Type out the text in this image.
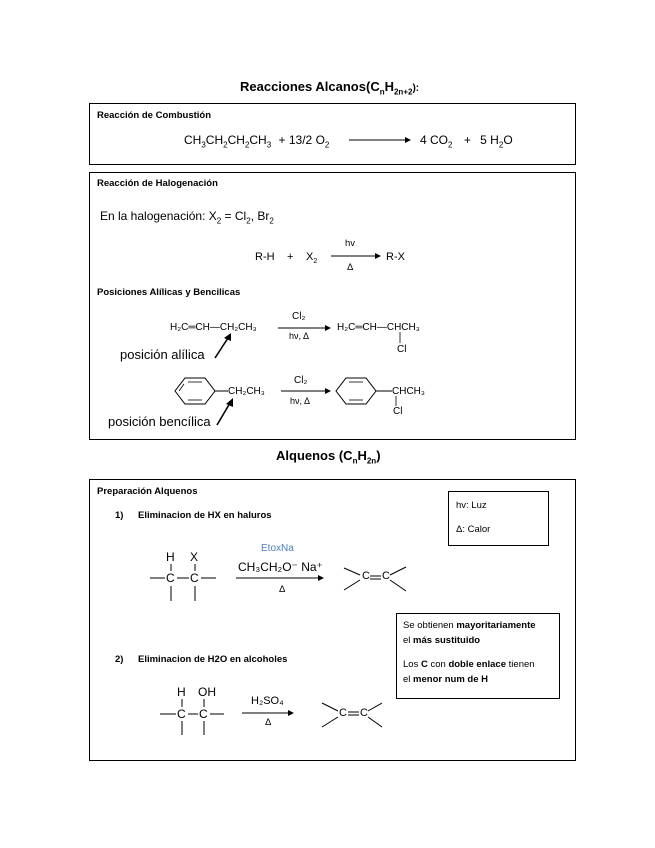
Reacciones $Alcanos(C_nH_{2n+2})$:
Reacción de Combustión
$CH_3CH_2CH_2CH_3 + 13/2$ $O_2$	4 $CO_2 + 5$ $H_2O$
Reacción de Halogenación
En la halogenación: $X_2 = Cl_2$, $Br_2$
$R-H + X_2$
hv
Δ
R-X
Posiciones Alílicas y Bencilicas
H₂C═CH—CH₂CH₃
Cl₂
hν, Δ
H₂C═CH—CHCH₃
Cl
posición alílica
CH₂CH₃
Cl₂
hν, Δ
CHCH₃
Cl
posición bencílica
Alquenos $(C_nH_{2n})$
Preparación Alquenos
hv: Luz
Δ: Calor
Se obtienen mayoritariamente
el más sustituido
Los C con doble enlace tienen
el menor num de H
1) Eliminacion de HX en haluros
H X
C C
EtoxNa
CH₃CH₂O⁻ Na⁺
Δ
C C
2) Eliminacion de H2O en alcoholes
H OH
C C
H₂SO₄
Δ
C C
